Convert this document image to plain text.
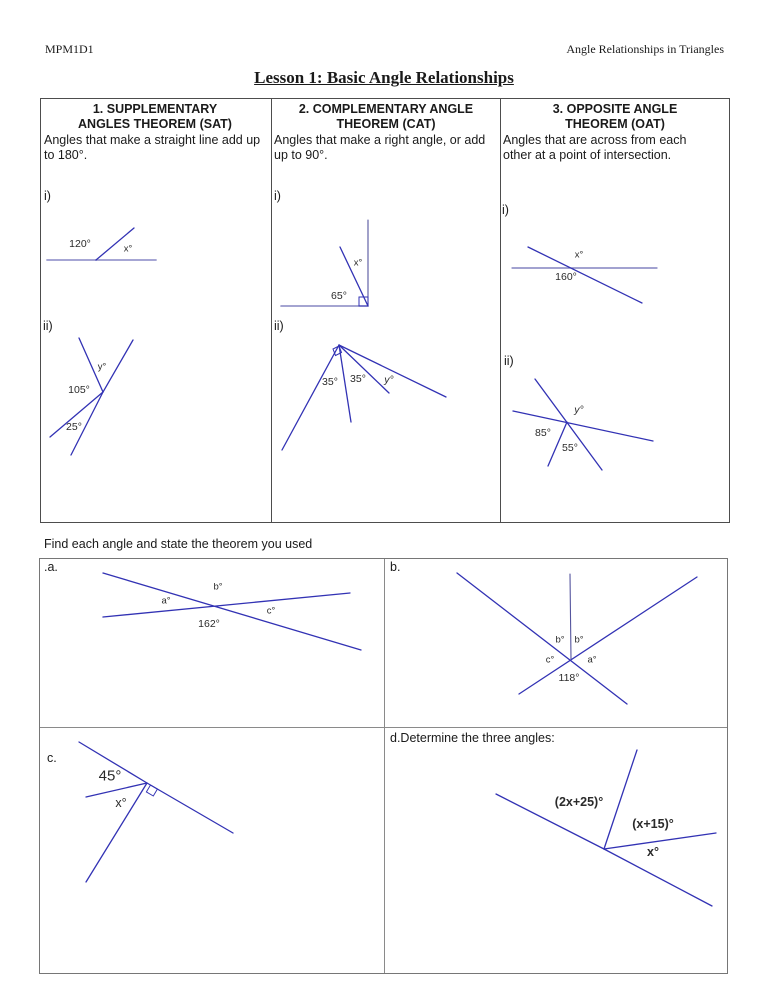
MPM1D1	Angle Relationships in Triangles
Lesson 1: Basic Angle Relationships
1. SUPPLEMENTARY
ANGLES THEOREM (SAT)
Angles that make a straight line add up to 180°.
i)
ii)
2. COMPLEMENTARY ANGLE
THEOREM (CAT)
Angles that make a right angle, or add up to 90°.
i)
ii)
3. OPPOSITE ANGLE
THEOREM (OAT)
Angles that are across from each other at a point of intersection.
i)
ii)
Find each angle and state the theorem you used
.a.	b.
c.
d.Determine the three angles:
120°	x°
y°
105°
25°
x°
65°
35° 35° y°
x°
160°
y°
85°
55°
b°
a°
c°
162°
b° b°
c°	a°
118°
45°
x°	(2x+25)°
(x+15)°
x°
